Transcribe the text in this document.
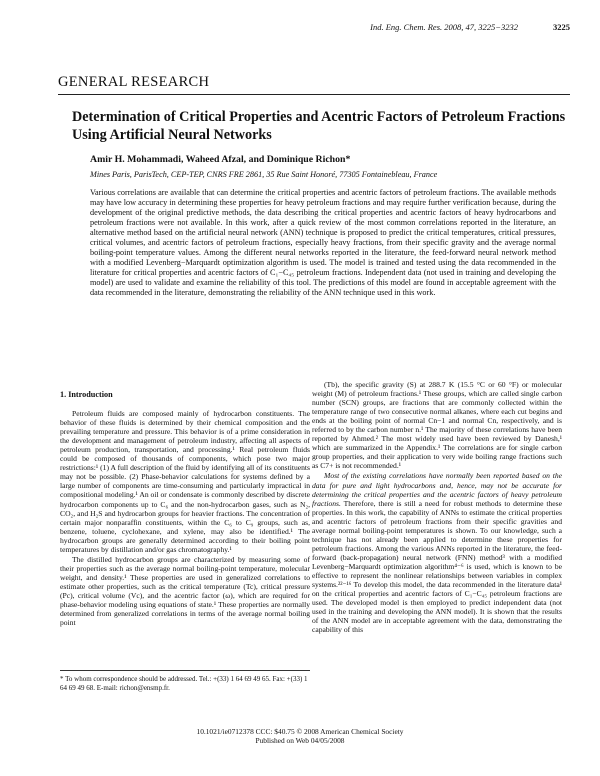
Ind. Eng. Chem. Res. 2008, 47, 3225−3232	3225
GENERAL RESEARCH
Determination of Critical Properties and Acentric Factors of Petroleum Fractions Using Artificial Neural Networks
Amir H. Mohammadi, Waheed Afzal, and Dominique Richon*
Mines Paris, ParisTech, CEP-TEP, CNRS FRE 2861, 35 Rue Saint Honoré, 77305 Fontainebleau, France

Various correlations are available that can determine the critical properties and acentric factors of petroleum fractions. The available methods may have low accuracy in determining these properties for heavy petroleum fractions and may require further verification because, during the development of the original predictive methods, the data describing the critical properties and acentric factors of heavy hydrocarbons and petroleum fractions were not available. In this work, after a quick review of the most common correlations reported in the literature, an alternative method based on the artificial neural network (ANN) technique is proposed to predict the critical temperatures, critical pressures, critical volumes, and acentric factors of petroleum fractions, especially heavy fractions, from their specific gravity and the average normal boiling-point temperature values. Among the different neural networks reported in the literature, the feed-forward neural network method with a modified Levenberg−Marquardt optimization algorithm is used. The model is trained and tested using the data recommended in the literature for critical properties and acentric factors of C₁−C₄₅ petroleum fractions. Independent data (not used in training and developing the model) are used to validate and examine the reliability of this tool. The predictions of this model are found in acceptable agreement with the data recommended in the literature, demonstrating the reliability of the ANN technique used in this work.

1. Introduction

Petroleum fluids are composed mainly of hydrocarbon constituents. The behavior of these fluids is determined by their chemical composition and the prevailing temperature and pressure. This behavior is of a prime consideration in the development and management of petroleum industry, affecting all aspects of petroleum production, transportation, and processing.¹ Real petroleum fluids could be composed of thousands of components, which pose two major restrictions:¹ (1) A full description of the fluid by identifying all of its constituents may not be possible. (2) Phase-behavior calculations for systems defined by a large number of components are time-consuming and particularly impractical in compositional modeling.¹ An oil or condensate is commonly described by discrete hydrocarbon components up to C₆ and the non-hydrocarbon gases, such as N₂, CO₂, and H₂S and hydrocarbon groups for heavier fractions. The concentration of certain major nonparaffin constituents, within the C₆ to C₉ groups, such as, benzene, toluene, cyclohexane, and xylene, may also be identified.¹ The hydrocarbon groups are generally determined according to their boiling point temperatures by distillation and/or gas chromatography.¹

The distilled hydrocarbon groups are characterized by measuring some of their properties such as the average normal boiling-point temperature, molecular weight, and density.¹ These properties are used in generalized correlations to estimate other properties, such as the critical temperature (Tc), critical pressure (Pc), critical volume (Vc), and the acentric factor (ω), which are required for phase-behavior modeling using equations of state.¹ These properties are normally determined from generalized correlations in terms of the average normal boiling point

(Tb), the specific gravity (S) at 288.7 K (15.5 °C or 60 °F) or molecular weight (M) of petroleum fractions.¹ These groups, which are called single carbon number (SCN) groups, are fractions that are commonly collected within the temperature range of two consecutive normal alkanes, where each cut begins and ends at the boiling point of normal Cn−1 and normal Cn, respectively, and is referred to by the carbon number n.¹ The majority of these correlations have been reported by Ahmed.² The most widely used have been reviewed by Danesh,¹ which are summarized in the Appendix.¹ The correlations are for single carbon group properties, and their application to very wide boiling range fractions such as C7+ is not recommended.¹

Most of the existing correlations have normally been reported based on the data for pure and light hydrocarbons and, hence, may not be accurate for determining the critical properties and the acentric factors of heavy petroleum fractions. Therefore, there is still a need for robust methods to determine these properties. In this work, the capability of ANNs to estimate the critical properties and acentric factors of petroleum fractions from their specific gravities and average normal boiling-point temperatures is shown. To our knowledge, such a technique has not already been applied to determine these properties for petroleum fractions. Among the various ANNs reported in the literature, the feed-forward (back-propagation) neural network (FNN) method³ with a modified Levenberg−Marquardt optimization algorithm⁴⁻⁶ is used, which is known to be effective to represent the nonlinear relationships between variables in complex systems.²²⁻¹⁶ To develop this model, the data recommended in the literature data¹ on the critical properties and acentric factors of C₁−C₄₅ petroleum fractions are used. The developed model is then employed to predict independent data (not used in the training and developing the ANN model). It is shown that the results of the ANN model are in acceptable agreement with the data, demonstrating the capability of this

* To whom correspondence should be addressed. Tel.: +(33) 1 64 69 49 65. Fax: +(33) 1 64 69 49 68. E-mail: richon@ensmp.fr.
10.1021/ie0712378 CCC: $40.75 © 2008 American Chemical Society
Published on Web 04/05/2008
